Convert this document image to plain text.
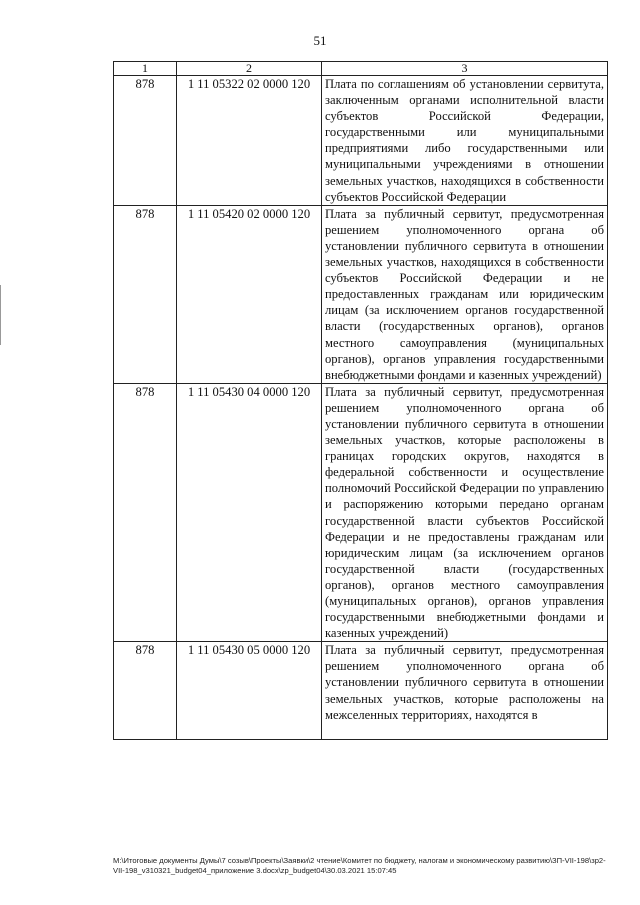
51
1	2	3
878	1 11 05322 02 0000 120	Плата по соглашениям об установлении сервитута, заключенным органами исполнительной власти субъектов Российской Федерации, государственными или муниципальными предприятиями либо государственными или муниципальными учреждениями в отношении земельных участков, находящихся в собственности субъектов Российской Федерации

878	1 11 05420 02 0000 120	Плата за публичный сервитут, предусмотренная решением уполномоченного органа об установлении публичного сервитута в отношении земельных участков, находящихся в собственности субъектов Российской Федерации и не предоставленных гражданам или юридическим лицам (за исключением органов государственной власти (государственных органов), органов местного самоуправления (муниципальных органов), органов управления государственными внебюджетными фондами и казенных учреждений)

878	1 11 05430 04 0000 120	Плата за публичный сервитут, предусмотренная решением уполномоченного органа об установлении публичного сервитута в отношении земельных участков, которые расположены в границах городских округов, находятся в федеральной собственности и осуществление полномочий Российской Федерации по управлению и распоряжению которыми передано органам государственной власти субъектов Российской Федерации и не предоставлены гражданам или юридическим лицам (за исключением органов государственной власти (государственных органов), органов местного самоуправления (муниципальных органов), органов управления государственными внебюджетными фондами и казенных учреждений)

878	1 11 05430 05 0000 120	Плата за публичный сервитут, предусмотренная решением уполномоченного органа об установлении публичного сервитута в отношении земельных участков, которые расположены на межселенных территориях, находятся в
М:\Итоговые документы Думы\7 созыв\Проекты\Заявки\2 чтение\Комитет по бюджету, налогам и экономическому развитию\ЗП-VII-198\зр2-VII-198_v310321_budget04_приложение 3.docx\zp_budget04\30.03.2021 15:07:45
